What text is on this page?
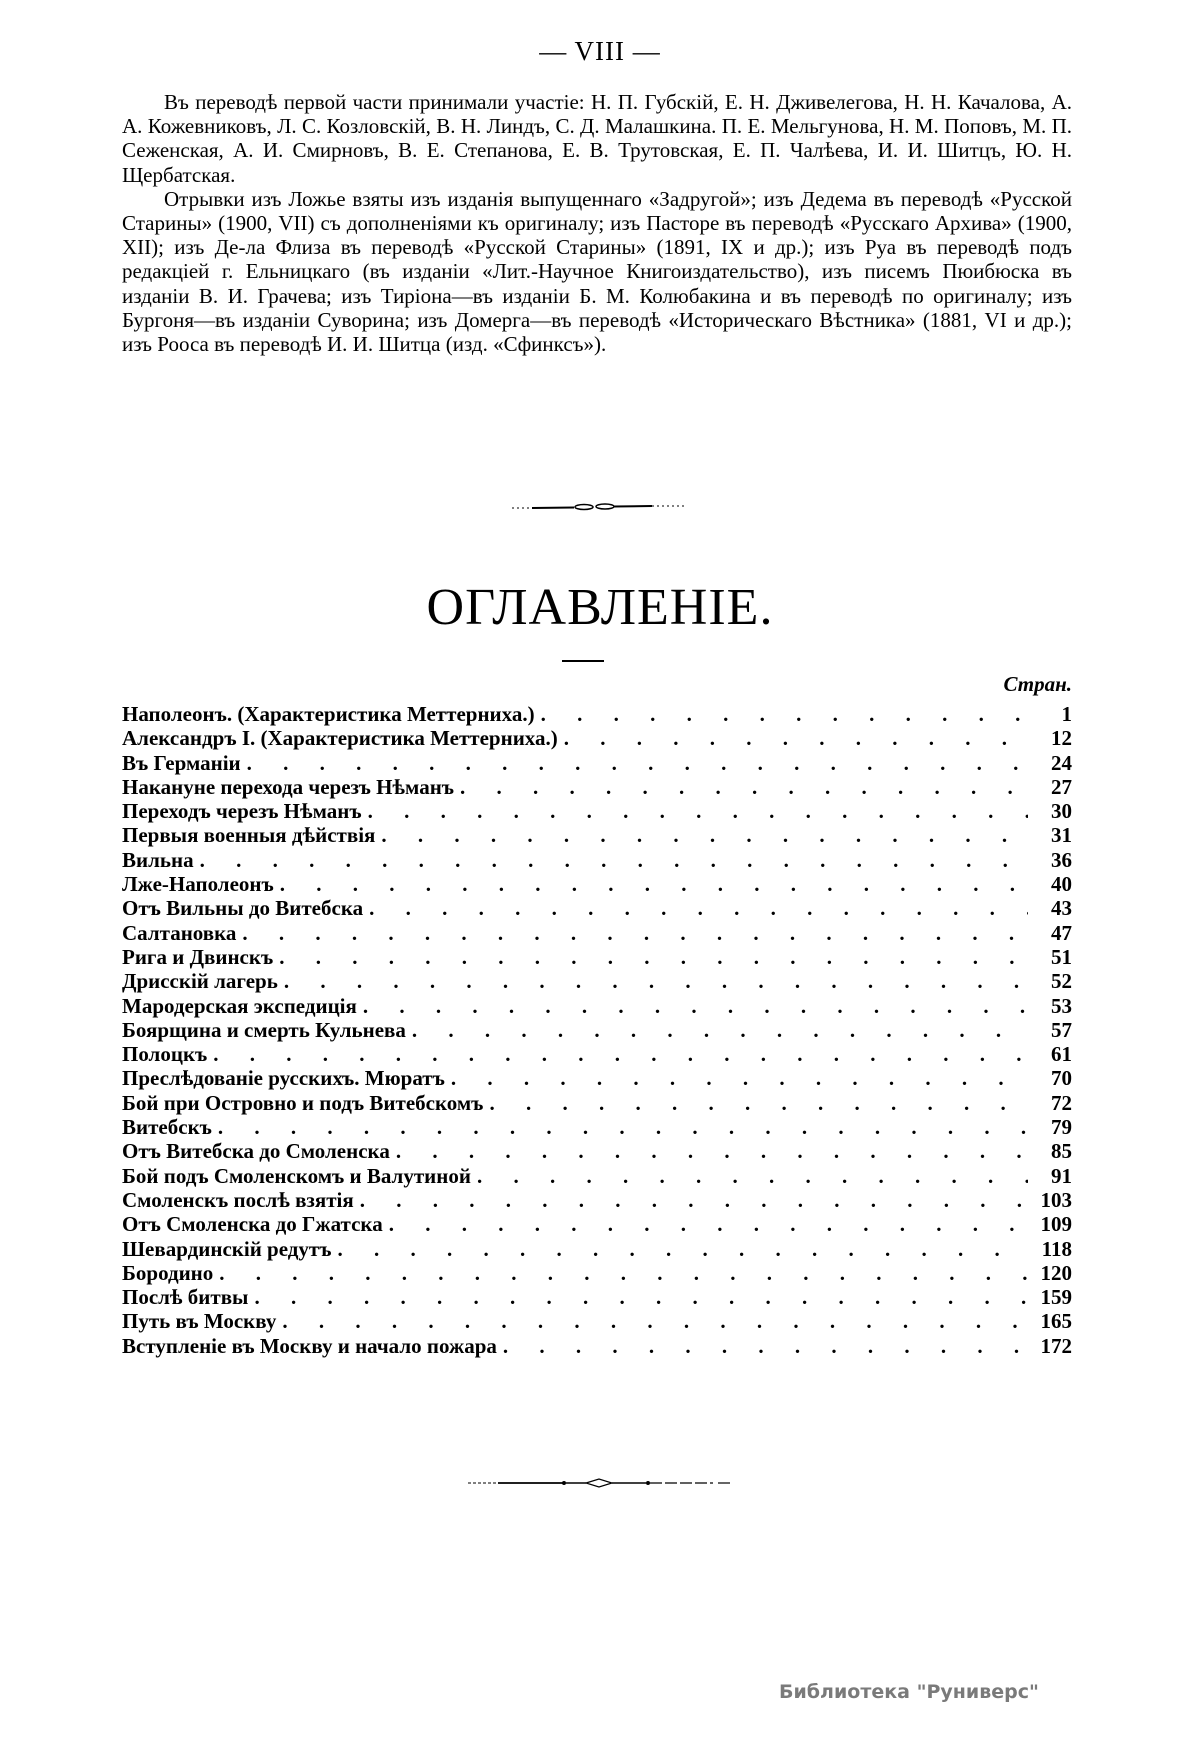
— VIII —

Въ переводѣ первой части принимали участіе: Н. П. Губскій, Е. Н. Дживелегова, Н. Н. Качалова, А. А. Кожевниковъ, Л. С. Козловскій, В. Н. Линдъ, С. Д. Малашкина. П. Е. Мельгунова, Н. М. Поповъ, М. П. Сеженская, А. И. Смирновъ, В. Е. Степанова, Е. В. Трутовская, Е. П. Чалѣева, И. И. Шитцъ, Ю. Н. Щербатская.

Отрывки изъ Ложье взяты изъ изданія выпущеннаго «Задругой»; изъ Дедема въ переводѣ «Русской Старины» (1900, VII) съ дополненіями къ оригиналу; изъ Пасторе въ переводѣ «Русскаго Архива» (1900, XII); изъ Де-ла Флиза въ переводѣ «Русской Старины» (1891, IX и др.); изъ Руа въ переводѣ подъ редакціей г. Ельницкаго (въ изданіи «Лит.-Научное Книгоиздательство), изъ писемъ Пюибюска въ изданіи В. И. Грачева; изъ Тиріона—въ изданіи Б. М. Колюбакина и въ переводѣ по оригиналу; изъ Бургоня—въ изданіи Суворина; изъ Домерга—въ переводѣ «Историческаго Вѣстника» (1881, VI и др.); изъ Рооса въ переводѣ И. И. Шитца (изд. «Сфинксъ»).

ОГЛАВЛЕНІЕ.
Стран.
Наполеонъ. (Характеристика Меттерниха.) . . .	1
Александръ I. (Характеристика Меттерниха.) . . .	12
Въ Германіи . . .	24
Накануне перехода черезъ Нѣманъ . . .	27
Переходъ черезъ Нѣманъ . . .	30
Первыя военныя дѣйствія . . .	31
Вильна . . .	36
Лже-Наполеонъ . . .	40
Отъ Вильны до Витебска . . .	43
Салтановка . . .	47
Рига и Двинскъ . . .	51
Дрисскій лагерь . . .	52
Мародерская экспедиція . . .	53
Боярщина и смерть Кульнева . . .	57
Полоцкъ . . .	61
Преслѣдованіе русскихъ. Мюратъ . . .	70
Бой при Островно и подъ Витебскомъ . . .	72
Витебскъ . . .	79
Отъ Витебска до Смоленска . . .	85
Бой подъ Смоленскомъ и Валутиной . . .	91
Смоленскъ послѣ взятія . . .	103
Отъ Смоленска до Гжатска . . .	109
Шевардинскій редутъ . . .	118
Бородино . . .	120
Послѣ битвы . . .	159
Путь въ Москву . . .	165
Вступленіе въ Москву и начало пожара . . .	172
Библиотека "Руниверс"
